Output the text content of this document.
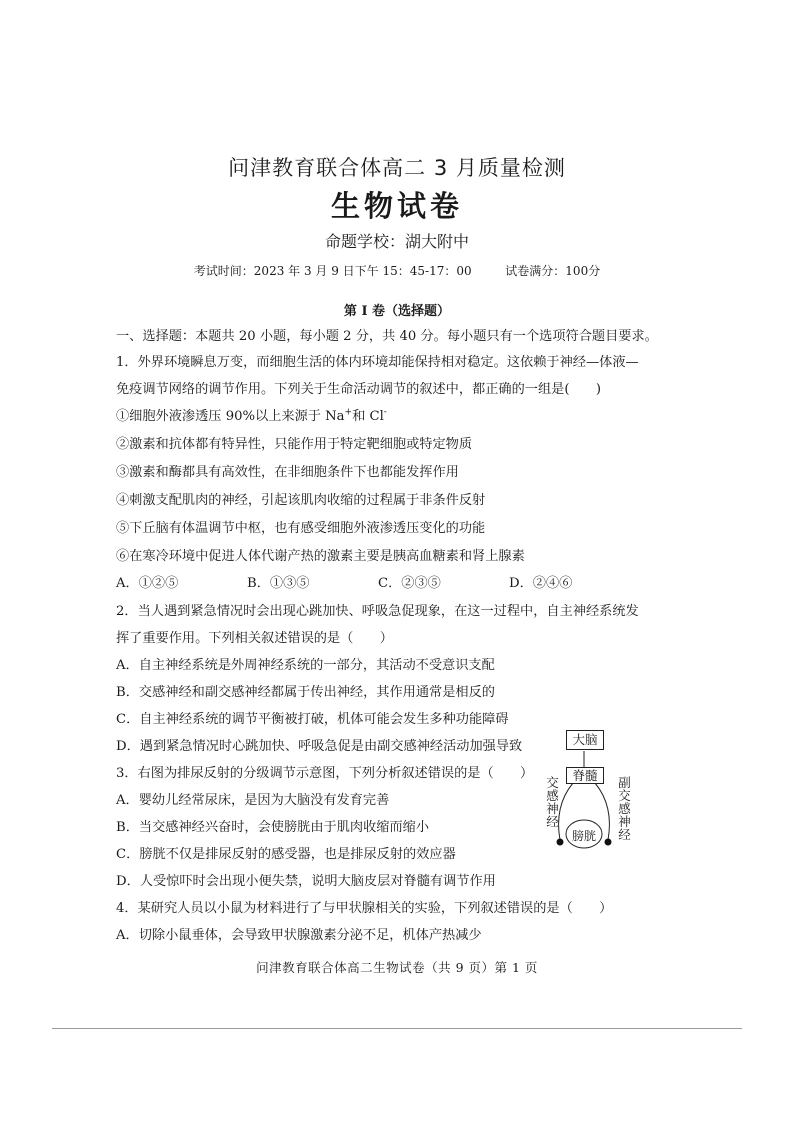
问津教育联合体高二 3 月质量检测
生物试卷
命题学校：湖大附中
考试时间：2023 年 3 月 9 日下午 15：45-17：00	试卷满分：100分
第 I 卷（选择题）
一、选择题：本题共 20 小题，每小题 2 分，共 40 分。每小题只有一个选项符合题目要求。
1．外界环境瞬息万变，而细胞生活的体内环境却能保持相对稳定。这依赖于神经—体液—
免疫调节网络的调节作用。下列关于生命活动调节的叙述中，都正确的一组是(　　)
①细胞外液渗透压 90%以上来源于 Na+和 Cl-
②激素和抗体都有特异性，只能作用于特定靶细胞或特定物质
③激素和酶都具有高效性，在非细胞条件下也都能发挥作用
④刺激支配肌肉的神经，引起该肌肉收缩的过程属于非条件反射
⑤下丘脑有体温调节中枢，也有感受细胞外液渗透压变化的功能
⑥在寒冷环境中促进人体代谢产热的激素主要是胰高血糖素和肾上腺素
A．①②⑤	B．①③⑤	C．②③⑤	D．②④⑥
2．当人遇到紧急情况时会出现心跳加快、呼吸急促现象，在这一过程中，自主神经系统发
挥了重要作用。下列相关叙述错误的是（　　）
A．自主神经系统是外周神经系统的一部分，其活动不受意识支配
B．交感神经和副交感神经都属于传出神经，其作用通常是相反的
C．自主神经系统的调节平衡被打破，机体可能会发生多种功能障碍
D．遇到紧急情况时心跳加快、呼吸急促是由副交感神经活动加强导致
3．右图为排尿反射的分级调节示意图，下列分析叙述错误的是（　　）
A．婴幼儿经常尿床，是因为大脑没有发育完善
B．当交感神经兴奋时，会使膀胱由于肌肉收缩而缩小
C．膀胱不仅是排尿反射的感受器，也是排尿反射的效应器
D．人受惊吓时会出现小便失禁，说明大脑皮层对脊髓有调节作用
大脑
脊髓
交感神经
副交感神经
膀胱
4．某研究人员以小鼠为材料进行了与甲状腺相关的实验，下列叙述错误的是（　　）
A．切除小鼠垂体，会导致甲状腺激素分泌不足，机体产热减少
问津教育联合体高二生物试卷（共 9 页）第 1 页
